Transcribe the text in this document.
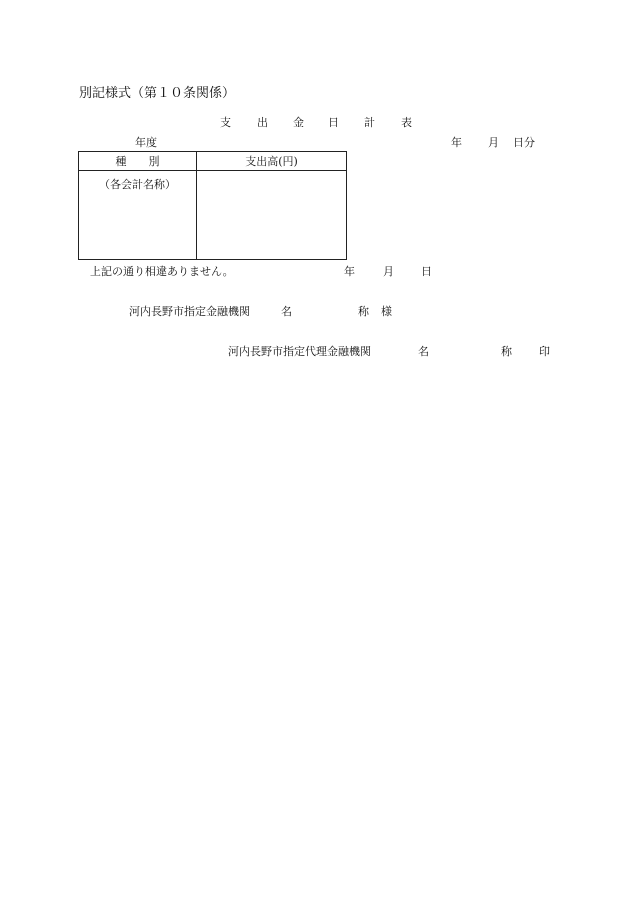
別記様式（第１０条関係）
支 出 金 日 計 表
年度	年 月 日分
種　　別	支出高(円)
（各会計名称）	
上記の通り相違ありません。	年	月 日
河内長野市指定金融機関	名	称 様
河内長野市指定代理金融機関	名	称 印
